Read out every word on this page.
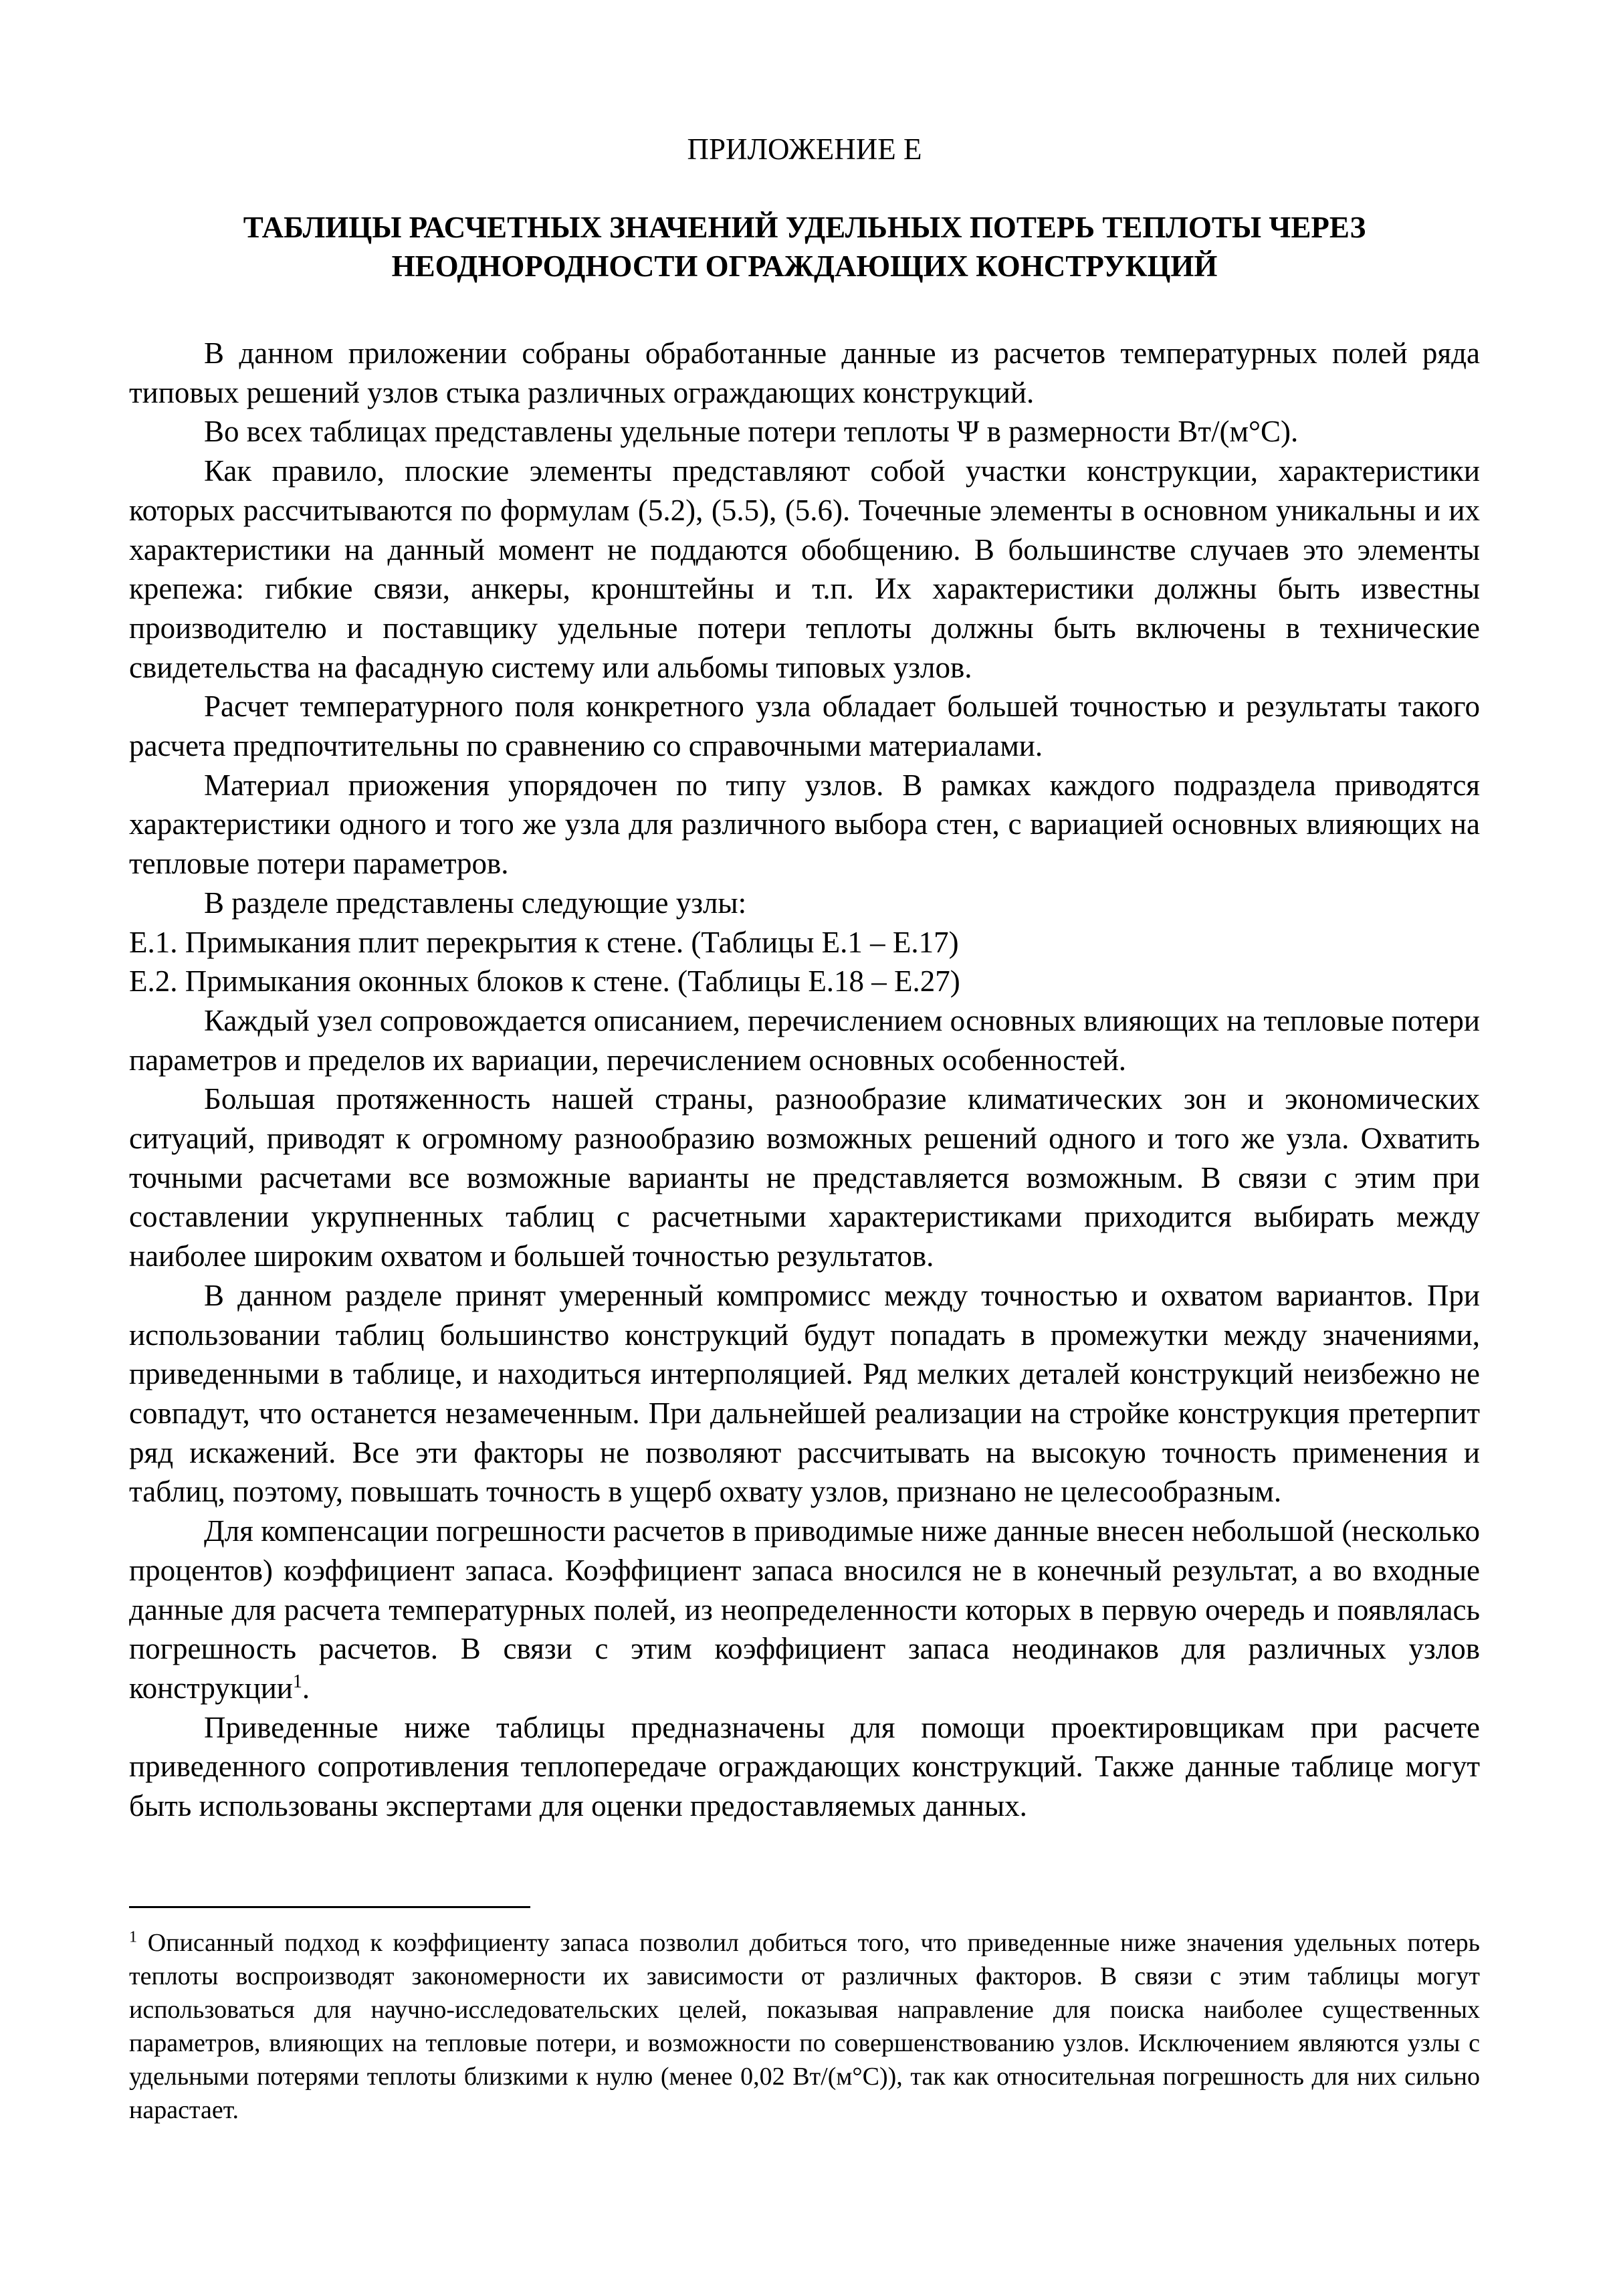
ПРИЛОЖЕНИЕ Е
ТАБЛИЦЫ РАСЧЕТНЫХ ЗНАЧЕНИЙ УДЕЛЬНЫХ ПОТЕРЬ ТЕПЛОТЫ ЧЕРЕЗ
НЕОДНОРОДНОСТИ ОГРАЖДАЮЩИХ КОНСТРУКЦИЙ

В данном приложении собраны обработанные данные из расчетов температурных полей ряда типовых решений узлов стыка различных ограждающих конструкций.

Во всех таблицах представлены удельные потери теплоты Ψ в размерности Вт/(м°С).

Как правило, плоские элементы представляют собой участки конструкции, характеристики которых рассчитываются по формулам (5.2), (5.5), (5.6). Точечные элементы в основном уникальны и их характеристики на данный момент не поддаются обобщению. В большинстве случаев это элементы крепежа: гибкие связи, анкеры, кронштейны и т.п. Их характеристики должны быть известны производителю и поставщику удельные потери теплоты должны быть включены в технические свидетельства на фасадную систему или альбомы типовых узлов.

Расчет температурного поля конкретного узла обладает большей точностью и результаты такого расчета предпочтительны по сравнению со справочными материалами.

Материал приожения упорядочен по типу узлов. В рамках каждого подраздела приводятся характеристики одного и того же узла для различного выбора стен, с вариацией основных влияющих на тепловые потери параметров.

В разделе представлены следующие узлы:

Е.1. Примыкания плит перекрытия к стене. (Таблицы Е.1 – Е.17)

Е.2. Примыкания оконных блоков к стене. (Таблицы Е.18 – Е.27)

Каждый узел сопровождается описанием, перечислением основных влияющих на тепловые потери параметров и пределов их вариации, перечислением основных особенностей.

Большая протяженность нашей страны, разнообразие климатических зон и экономических ситуаций, приводят к огромному разнообразию возможных решений одного и того же узла. Охватить точными расчетами все возможные варианты не представляется возможным. В связи с этим при составлении укрупненных таблиц с расчетными характеристиками приходится выбирать между наиболее широким охватом и большей точностью результатов.

В данном разделе принят умеренный компромисс между точностью и охватом вариантов. При использовании таблиц большинство конструкций будут попадать в промежутки между значениями, приведенными в таблице, и находиться интерполяцией. Ряд мелких деталей конструкций неизбежно не совпадут, что останется незамеченным. При дальнейшей реализации на стройке конструкция претерпит ряд искажений. Все эти факторы не позволяют рассчитывать на высокую точность применения и таблиц, поэтому, повышать точность в ущерб охвату узлов, признано не целесообразным.

Для компенсации погрешности расчетов в приводимые ниже данные внесен небольшой (несколько процентов) коэффициент запаса. Коэффициент запаса вносился не в конечный результат, а во входные данные для расчета температурных полей, из неопределенности которых в первую очередь и появлялась погрешность расчетов. В связи с этим коэффициент запаса неодинаков для различных узлов конструкции$^1$.

Приведенные ниже таблицы предназначены для помощи проектировщикам при расчете приведенного сопротивления теплопередаче ограждающих конструкций. Также данные таблице могут быть использованы экспертами для оценки предоставляемых данных.

$^1$ Описанный подход к коэффициенту запаса позволил добиться того, что приведенные ниже значения удельных потерь теплоты воспроизводят закономерности их зависимости от различных факторов. В связи с этим таблицы могут использоваться для научно-исследовательских целей, показывая направление для поиска наиболее существенных параметров, влияющих на тепловые потери, и возможности по совершенствованию узлов. Исключением являются узлы с удельными потерями теплоты близкими к нулю (менее 0,02 Вт/(м°С)), так как относительная погрешность для них сильно нарастает.
